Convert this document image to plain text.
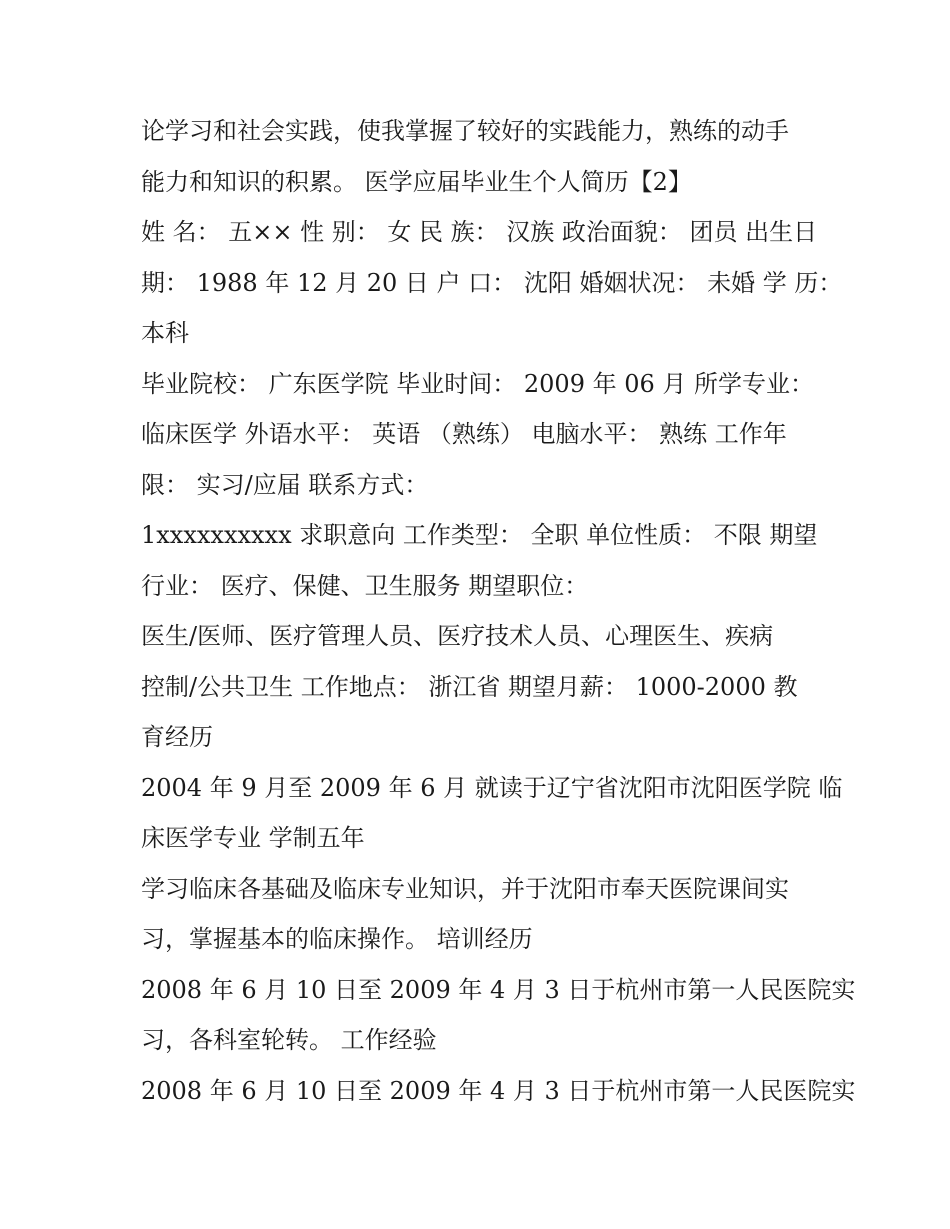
论学习和社会实践，使我掌握了较好的实践能力，熟练的动手
能力和知识的积累。 医学应届毕业生个人简历【2】
姓 名： 五×× 性 别： 女 民 族： 汉族 政治面貌： 团员 出生日
期： 1988 年 12 月 20 日 户 口： 沈阳 婚姻状况： 未婚 学 历：
本科
毕业院校： 广东医学院 毕业时间： 2009 年 06 月 所学专业：
临床医学 外语水平： 英语 （熟练） 电脑水平： 熟练 工作年
限： 实习/应届 联系方式：
1xxxxxxxxxx 求职意向 工作类型： 全职 单位性质： 不限 期望
行业： 医疗、保健、卫生服务 期望职位：
医生/医师、医疗管理人员、医疗技术人员、心理医生、疾病
控制/公共卫生 工作地点： 浙江省 期望月薪： 1000-2000 教
育经历
2004 年 9 月至 2009 年 6 月 就读于辽宁省沈阳市沈阳医学院 临
床医学专业 学制五年
学习临床各基础及临床专业知识，并于沈阳市奉天医院课间实
习，掌握基本的临床操作。 培训经历
2008 年 6 月 10 日至 2009 年 4 月 3 日于杭州市第一人民医院实
习，各科室轮转。 工作经验
2008 年 6 月 10 日至 2009 年 4 月 3 日于杭州市第一人民医院实
